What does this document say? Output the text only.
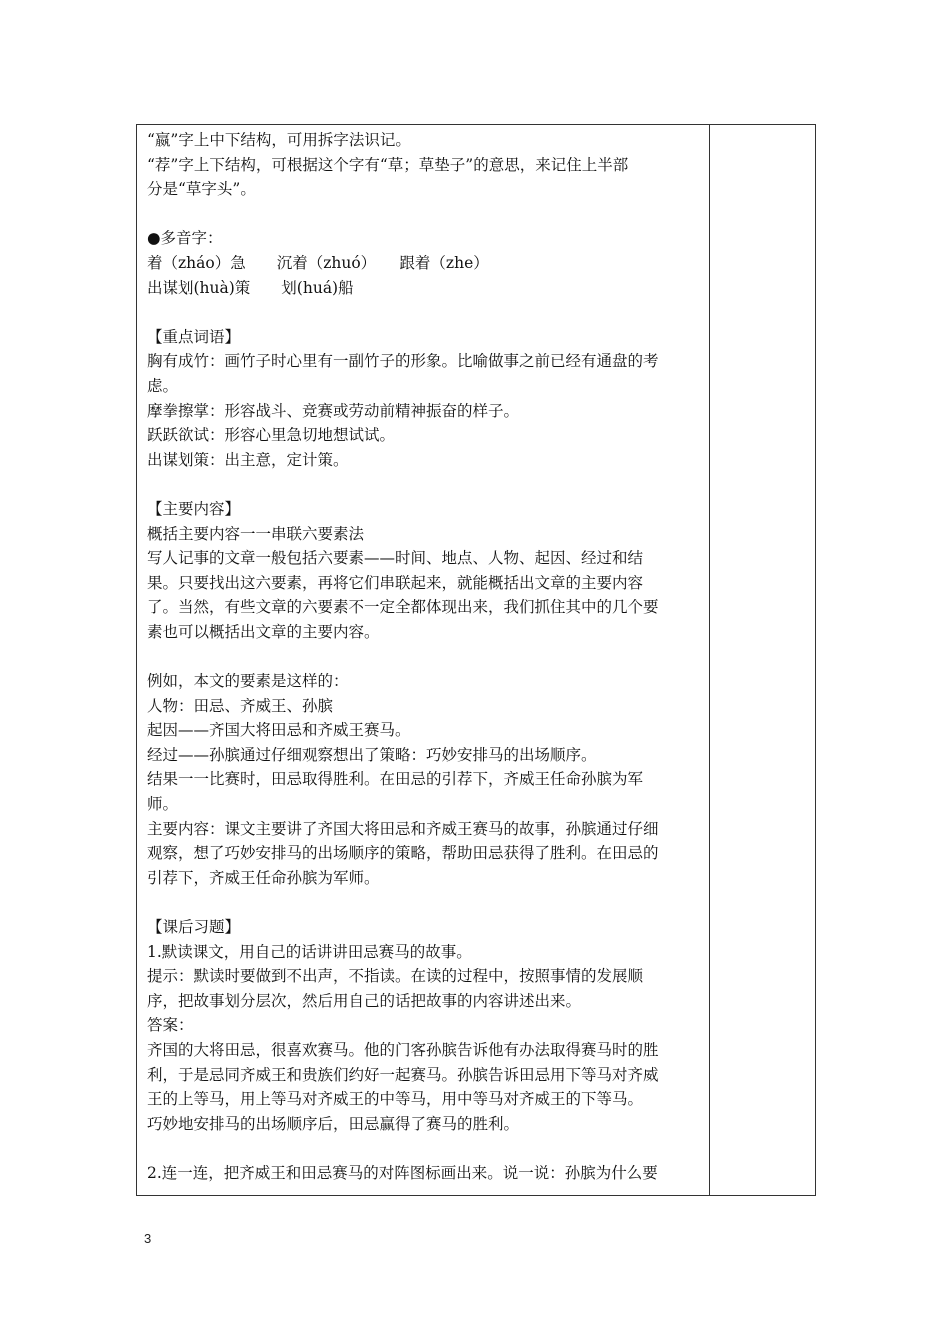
“嬴”字上中下结构，可用拆字法识记。

“荐”字上下结构，可根据这个字有“草；草垫子”的意思，来记住上半部

分是“草字头”。

●多音字：

着（zháo）急　　沉着（zhuó）　　跟着（zhe）

出谋划(huà)策　　划(huá)船

【重点词语】

胸有成竹：画竹子时心里有一副竹子的形象。比喻做事之前已经有通盘的考

虑。

摩拳擦掌：形容战斗、竞赛或劳动前精神振奋的样子。

跃跃欲试：形容心里急切地想试试。

出谋划策：出主意，定计策。

【主要内容】

概括主要内容一一串联六要素法

写人记事的文章一般包括六要素——时间、地点、人物、起因、经过和结

果。只要找出这六要素，再将它们串联起来，就能概括出文章的主要内容

了。当然，有些文章的六要素不一定全都体现出来，我们抓住其中的几个要

素也可以概括出文章的主要内容。

例如，本文的要素是这样的：

人物：田忌、齐威王、孙膑

起因——齐国大将田忌和齐威王赛马。

经过——孙膑通过仔细观察想出了策略：巧妙安排马的出场顺序。

结果一一比赛时，田忌取得胜利。在田忌的引荐下，齐威王任命孙膑为军

师。

主要内容：课文主要讲了齐国大将田忌和齐威王赛马的故事，孙膑通过仔细

观察，想了巧妙安排马的出场顺序的策略，帮助田忌获得了胜利。在田忌的

引荐下，齐威王任命孙膑为军师。

【课后习题】

1.默读课文，用自己的话讲讲田忌赛马的故事。

提示：默读时要做到不出声，不指读。在读的过程中，按照事情的发展顺

序，把故事划分层次，然后用自己的话把故事的内容讲述出来。

答案：

齐国的大将田忌，很喜欢赛马。他的门客孙膑告诉他有办法取得赛马时的胜

利，于是忌同齐威王和贵族们约好一起赛马。孙膑告诉田忌用下等马对齐威

王的上等马，用上等马对齐威王的中等马，用中等马对齐威王的下等马。

巧妙地安排马的出场顺序后，田忌赢得了赛马的胜利。

2.连一连，把齐威王和田忌赛马的对阵图标画出来。说一说：孙膑为什么要

3
